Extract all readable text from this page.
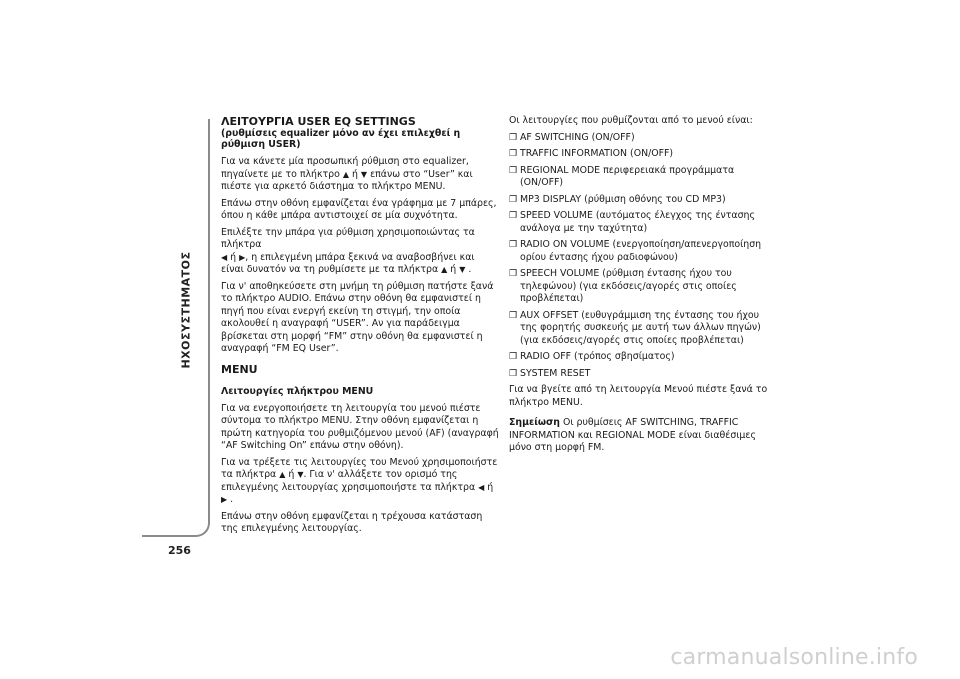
ΗΧΟΣΥΣΤΗΜΑΤΟΣ
256
ΛΕΙΤΟΥΡΓΙΑ USER EQ SETTINGS
(ρυθμίσεις equalizer μόνο αν έχει επιλεχθεί η ρύθμιση USER)

Για να κάνετε μία προσωπική ρύθμιση στο equalizer, πηγαίνετε με το πλήκτρο ▲ ή ▼ επάνω στο “User” και πιέστε για αρκετό διάστημα το πλήκτρο MENU.

Επάνω στην οθόνη εμφανίζεται ένα γράφημα με 7 μπάρες, όπου η κάθε μπάρα αντιστοιχεί σε μία συχνότητα.

Επιλέξτε την μπάρα για ρύθμιση χρησιμοποιώντας τα πλήκτρα
◀ ή ▶, η επιλεγμένη μπάρα ξεκινά να αναβοσβήνει και είναι δυνατόν να τη ρυθμίσετε με τα πλήκτρα ▲ ή ▼ .

Για ν' αποθηκεύσετε στη μνήμη τη ρύθμιση πατήστε ξανά το πλήκτρο AUDIO. Επάνω στην οθόνη θα εμφανιστεί η πηγή που είναι ενεργή εκείνη τη στιγμή, την οποία ακολουθεί η αναγραφή “USER”. Αν για παράδειγμα βρίσκεται στη μορφή “FM” στην οθόνη θα εμφανιστεί η αναγραφή “FM EQ User”.

MENU
Λειτουργίες πλήκτρου MENU

Για να ενεργοποιήσετε τη λειτουργία του μενού πιέστε σύντομα το πλήκτρο MENU. Στην οθόνη εμφανίζεται η πρώτη κατηγορία του ρυθμιζόμενου μενού (AF) (αναγραφή “AF Switching On” επάνω στην οθόνη).

Για να τρέξετε τις λειτουργίες του Μενού χρησιμοποιήστε τα πλήκτρα ▲ ή ▼. Για ν' αλλάξετε τον ορισμό της επιλεγμένης λειτουργίας χρησιμοποιήστε τα πλήκτρα ◀ ή ▶ .

Επάνω στην οθόνη εμφανίζεται η τρέχουσα κατάσταση της επιλεγμένης λειτουργίας.

Οι λειτουργίες που ρυθμίζονται από το μενού είναι:

❒ AF SWITCHING (ON/OFF)
❒ TRAFFIC INFORMATION (ON/OFF)
❒ REGIONAL MODE περιφερειακά προγράμματα (ON/OFF)
❒ MP3 DISPLAY (ρύθμιση οθόνης του CD MP3)
❒ SPEED VOLUME (αυτόματος έλεγχος της έντασης ανάλογα με την ταχύτητα)
❒ RADIO ON VOLUME (ενεργοποίηση/απενεργοποίηση ορίου έντασης ήχου ραδιοφώνου)
❒ SPEECH VOLUME (ρύθμιση έντασης ήχου του τηλεφώνου) (για εκδόσεις/αγορές στις οποίες προβλέπεται)
❒ AUX OFFSET (ευθυγράμμιση της έντασης του ήχου της φορητής συσκευής με αυτή των άλλων πηγών) (για εκδόσεις/αγορές στις οποίες προβλέπεται)
❒ RADIO OFF (τρόπος σβησίματος)
❒ SYSTEM RESET

Για να βγείτε από τη λειτουργία Μενού πιέστε ξανά το πλήκτρο MENU.

Σημείωση Οι ρυθμίσεις AF SWITCHING, TRAFFIC INFORMATION και REGIONAL MODE είναι διαθέσιμες μόνο στη μορφή FM.

carmanualsonline.info
